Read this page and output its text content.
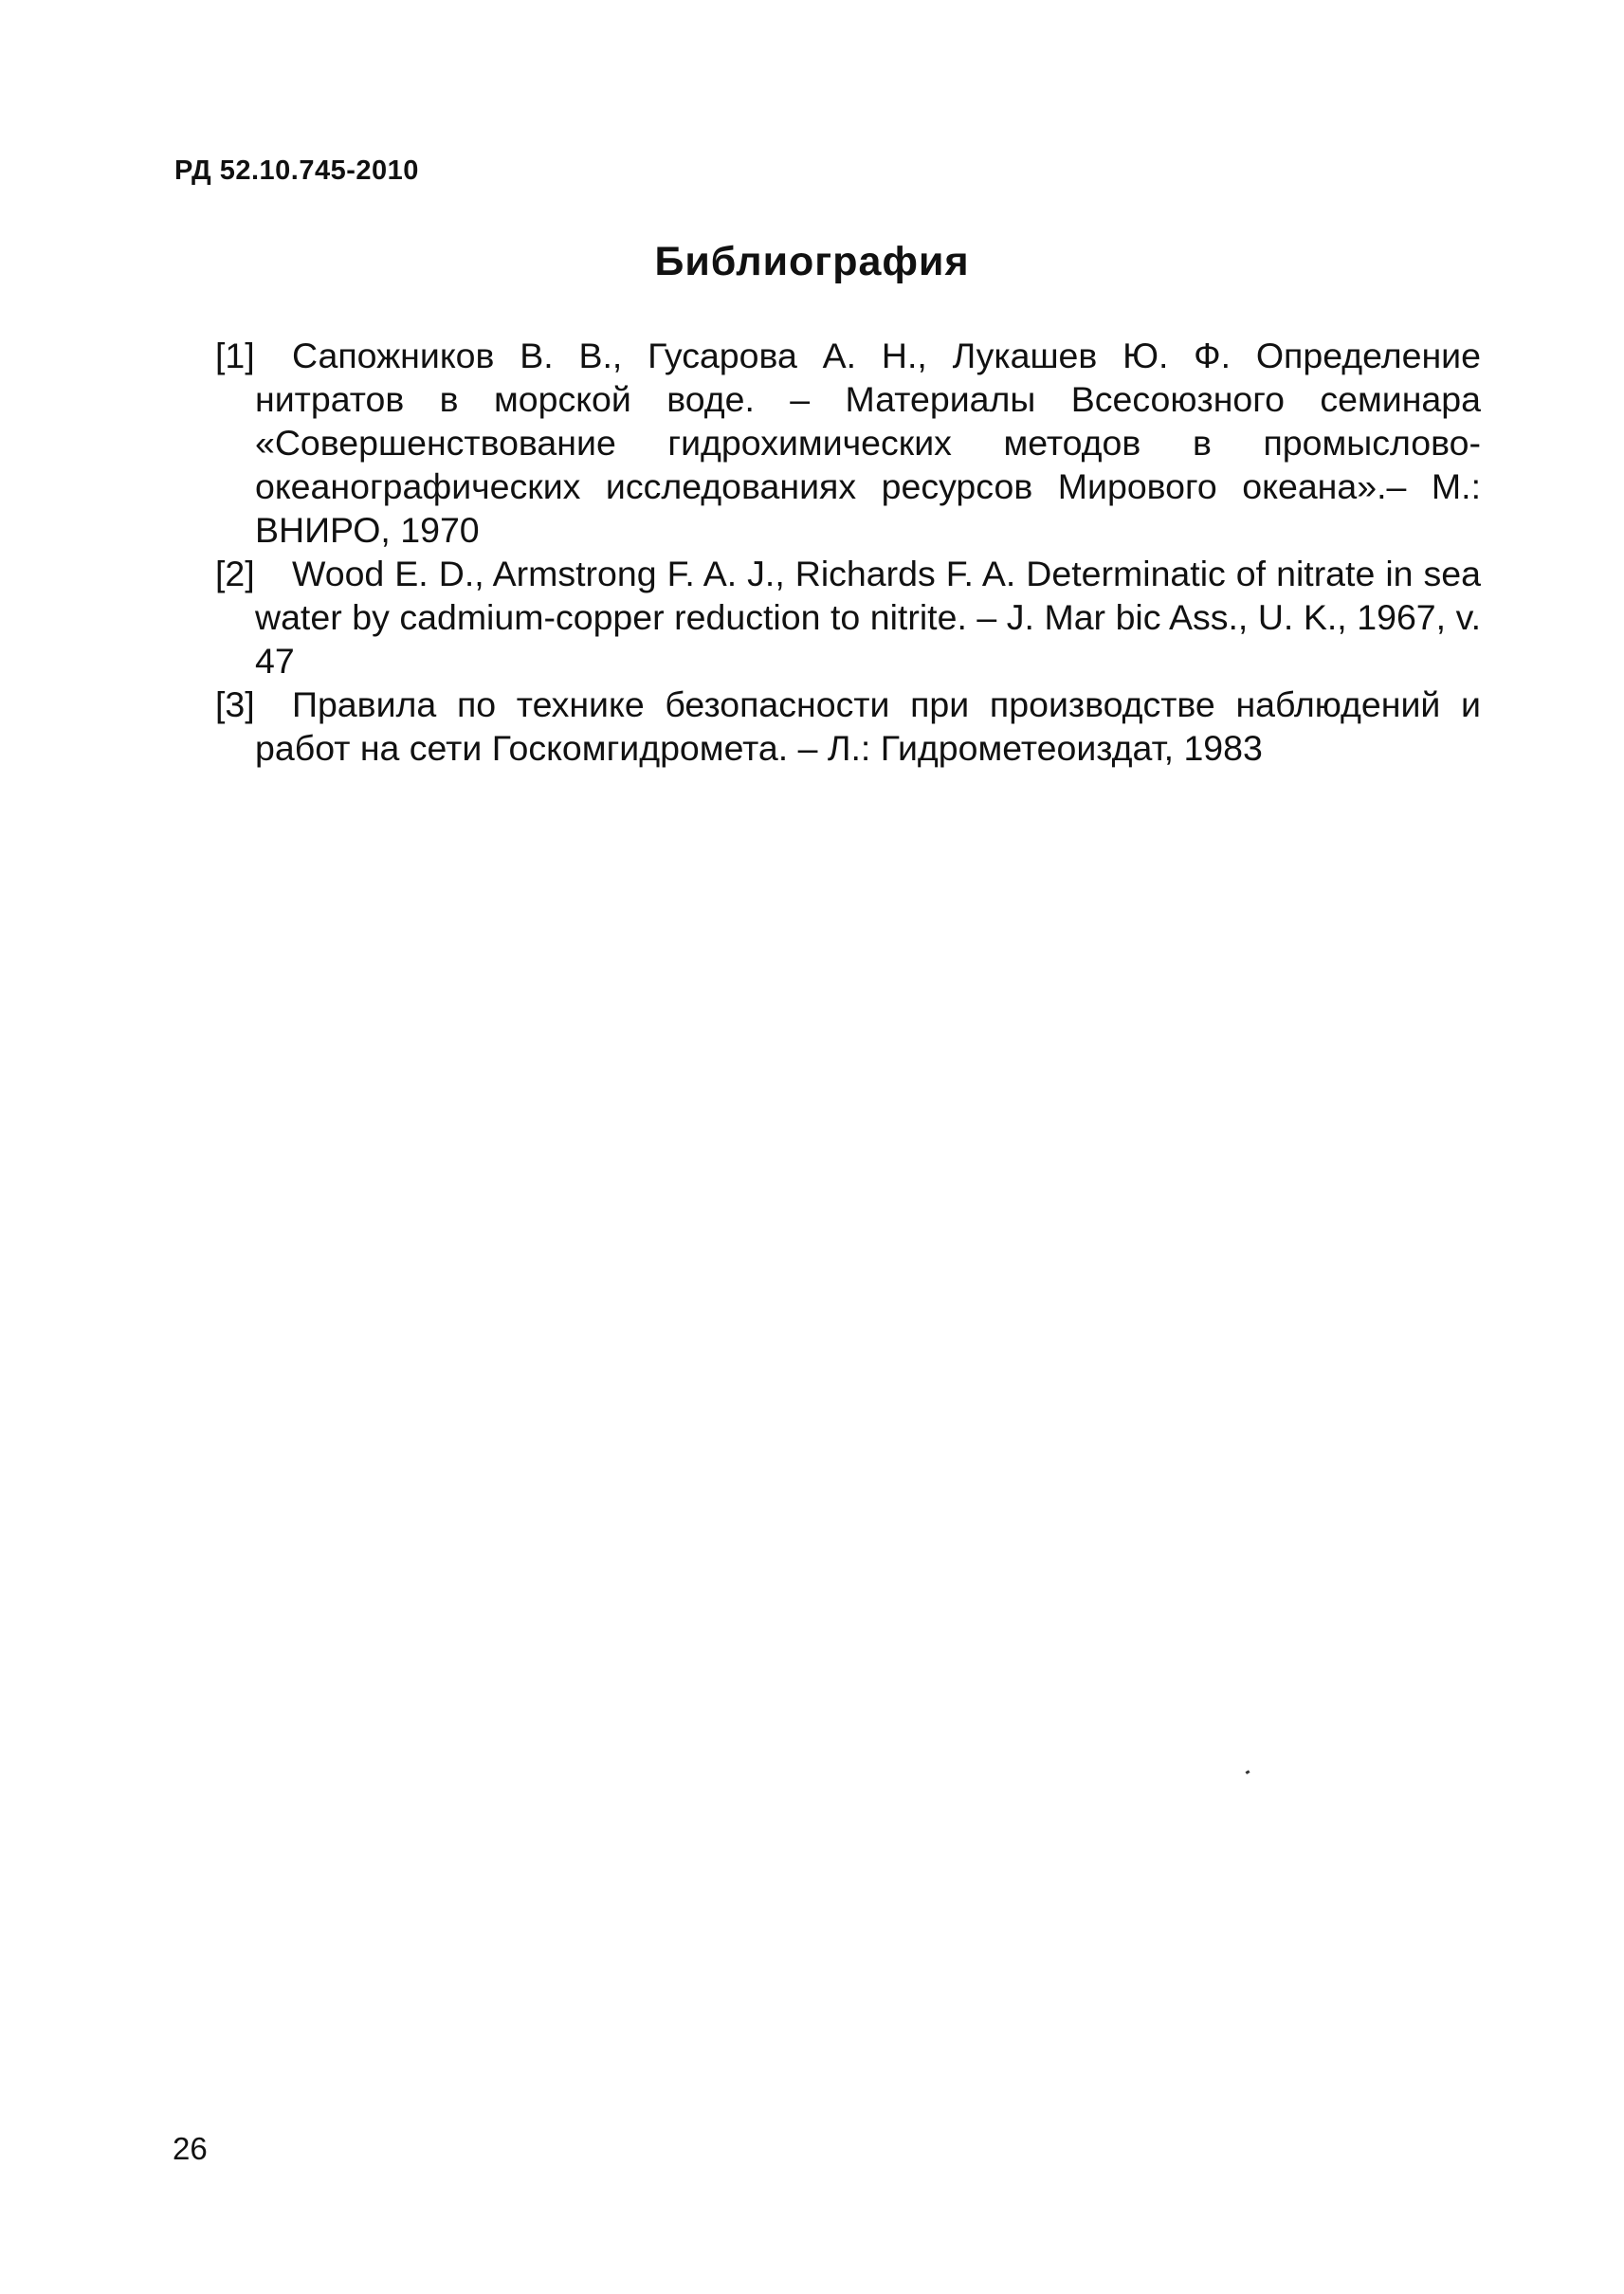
РД 52.10.745-2010
Библиография
[1]	Сапожников В. В., Гусарова А. Н., Лукашев Ю. Ф. Определение нитратов в морской воде. – Материалы Всесоюзного семинара «Совершенствование гидрохимических методов в промыслово-океанографических исследованиях ресурсов Мирового океана».– М.: ВНИРО, 1970
[2]	Wood E. D., Armstrong F. A. J., Richards F. A. Determinatic of nitrate in sea water by cadmium-copper reduction to nitrite. – J. Mar bic Ass., U. K., 1967, v. 47
[3]	Правила по технике безопасности при производстве наблюдений и работ на сети Госкомгидромета. – Л.: Гидрометеоиздат, 1983
26
